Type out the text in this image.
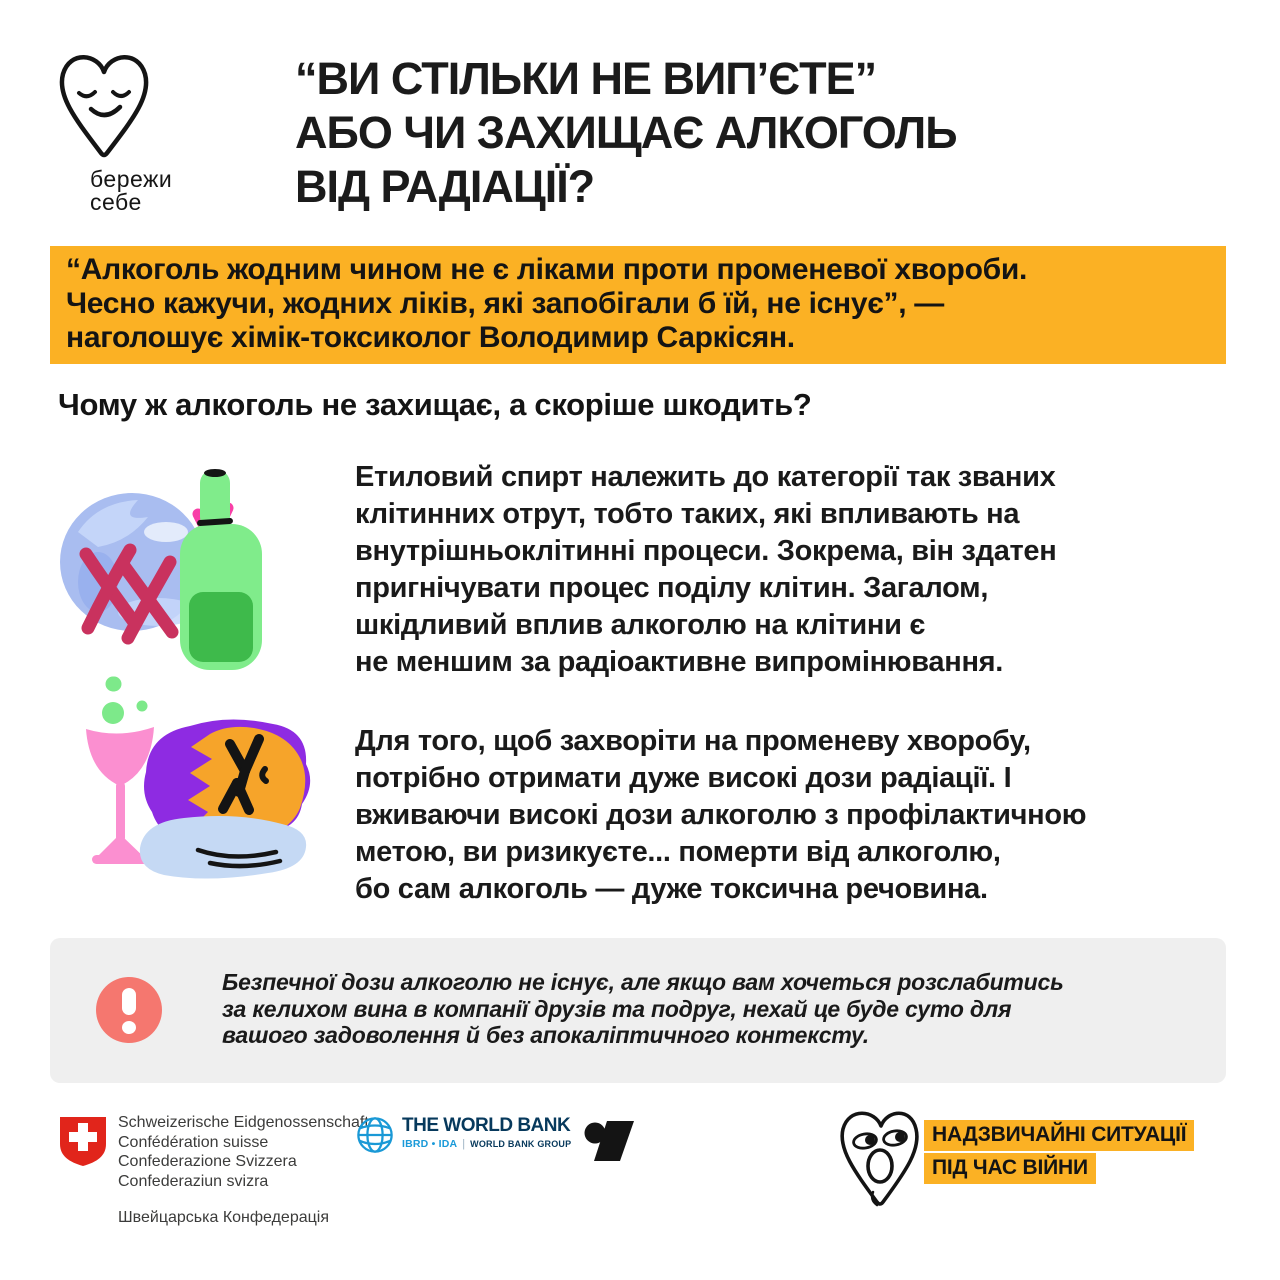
бережи
себе
“ВИ СТІЛЬКИ НЕ ВИП’ЄТЕ”
АБО ЧИ ЗАХИЩАЄ АЛКОГОЛЬ
ВІД РАДІАЦІЇ?
“Алкоголь жодним чином не є ліками проти променевої хвороби.
Чесно кажучи, жодних ліків, які запобігали б їй, не існує”, —
наголошує хімік-токсиколог Володимир Саркісян.
Чому ж алкоголь не захищає, а скоріше шкодить?
Етиловий спирт належить до категорії так званих
клітинних отрут, тобто таких, які впливають на
внутрішньоклітинні процеси. Зокрема, він здатен
пригнічувати процес поділу клітин. Загалом,
шкідливий вплив алкоголю на клітини є
не меншим за радіоактивне випромінювання.
Для того, щоб захворіти на променеву хворобу,
потрібно отримати дуже високі дози радіації. І
вживаючи високі дози алкоголю з профілактичною
метою, ви ризикуєте... померти від алкоголю,
бо сам алкоголь — дуже токсична речовина.
Безпечної дози алкоголю не існує, але якщо вам хочеться розслабитись
за келихом вина в компанії друзів та подруг, нехай це буде суто для
вашого задоволення й без апокаліптичного контексту.
Schweizerische Eidgenossenschaft
Confédération suisse
Confederazione Svizzera
Confederaziun svizra
Швейцарська Конфедерація
THE WORLD BANK
IBRD • IDA | WORLD BANK GROUP	НАДЗВИЧАЙНІ СИТУАЦІЇ
ПІД ЧАС ВІЙНИ
